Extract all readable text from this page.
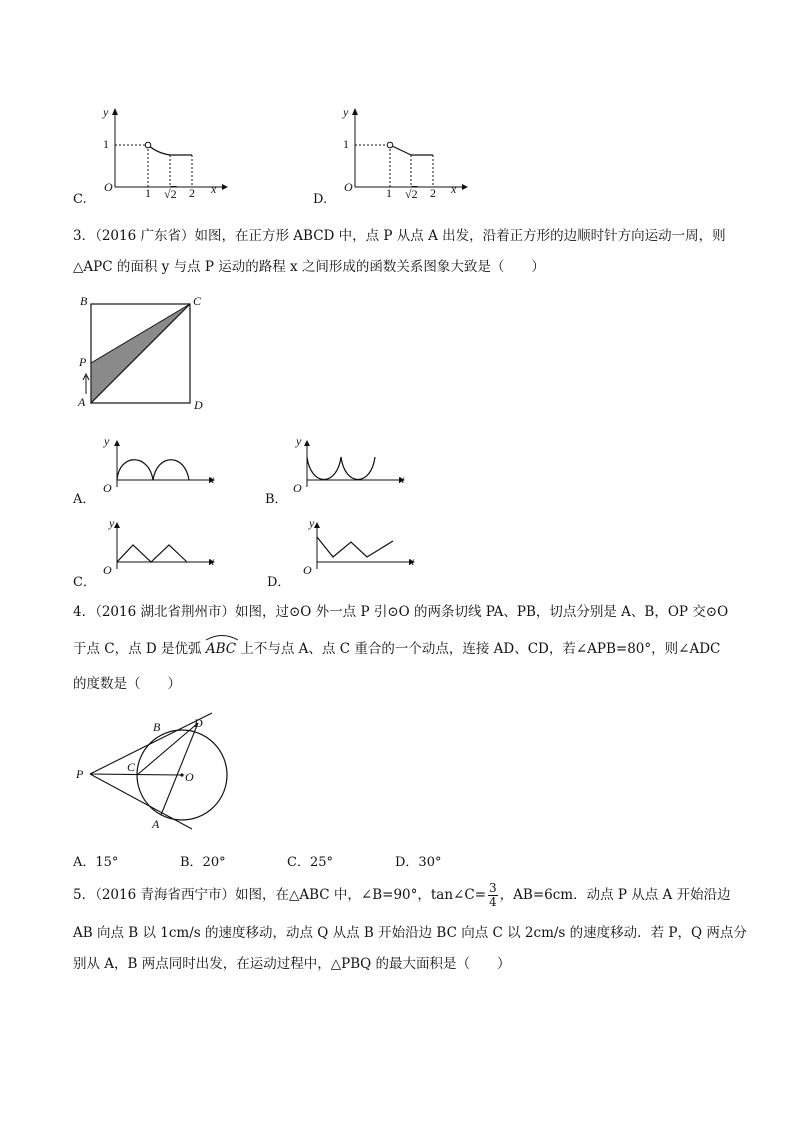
y
x
O
1
1 √2 2
C.
y
x
O
1
1 √2 2
D.
3．（2016 广东省）如图，在正方形 ABCD 中，点 P 从点 A 出发，沿着正方形的边顺时针方向运动一周，则
△APC 的面积 y 与点 P 运动的路程 x 之间形成的函数关系图象大致是（　　）
B	C
P
A	D
y
x
O
A．
y
x
O
B．
y
x
O
C．
y
x
O
D．
4．（2016 湖北省荆州市）如图，过⊙O 外一点 P 引⊙O 的两条切线 PA、PB，切点分别是 A、B，OP 交⊙O
于点 C，点 D 是优弧 ABC 上不与点 A、点 C 重合的一个动点，连接 AD、CD，若∠APB=80°，则∠ADC
的度数是（　　）
B	D
P	C
O
A
A．15°	B．20°	C．25°	D．30°
5．（2016 青海省西宁市）如图，在△ABC 中，∠B=90°，tan∠C= $\frac{3}{4}$ ，AB=6cm．动点 P 从点 A 开始沿边
AB 向点 B 以 1cm/s 的速度移动，动点 Q 从点 B 开始沿边 BC 向点 C 以 2cm/s 的速度移动．若 P，Q 两点分
别从 A，B 两点同时出发，在运动过程中，△PBQ 的最大面积是（　　）
